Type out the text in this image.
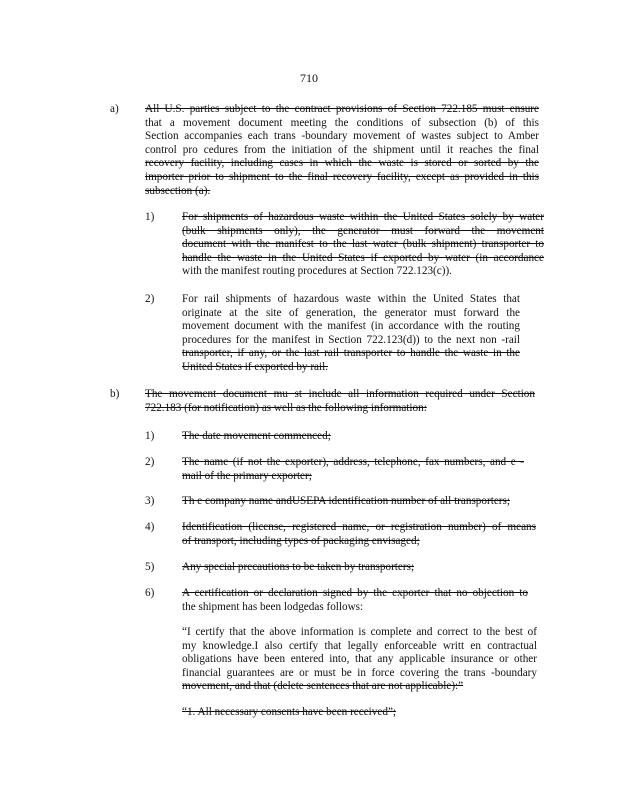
710
a) All U.S. parties subject to the contract provisions of Section 722.185 must ensure
that a movement document meeting the conditions of subsection (b) of this
Section accompanies each trans -boundary movement of wastes subject to Amber
control pro cedures from the initiation of the shipment until it reaches the final
recovery facility, including cases in which the waste is stored or sorted by the
importer prior to shipment to the final recovery facility, except as provided in this
subsection (a).
1) For shipments of hazardous waste within the United States solely by water
(bulk shipments only), the generator must forward the movement
document with the manifest to the last water (bulk shipment) transporter to
handle the waste in the United States if exported by water (in accordance
with the manifest routing procedures at Section 722.123(c)).
2) For rail shipments of hazardous waste within the United States that
originate at the site of generation, the generator must forward the
movement document with the manifest (in accordance with the routing
procedures for the manifest in Section 722.123(d)) to the next non -rail
transporter, if any, or the last rail transporter to handle the waste in the
United States if exported by rail.
b) The movement document mu st include all information required under Section
722.183 (for notification) as well as the following information:
1) The date movement commenced;
2) The name (if not the exporter), address, telephone, fax numbers, and e -
mail of the primary exporter;
3) Th e company name andUSEPA identification number of all transporters;
4) Identification (license, registered name, or registration number) of means
of transport, including types of packaging envisaged;
5) Any special precautions to be taken by transporters;
6) A certification or declaration signed by the exporter that no objection to
the shipment has been lodgedas follows:
“I certify that the above information is complete and correct to the best of
my knowledge.I also certify that legally enforceable writt en contractual
obligations have been entered into, that any applicable insurance or other
financial guarantees are or must be in force covering the trans -boundary
movement, and that (delete sentences that are not applicable):”
“1. All necessary consents have been received”;
